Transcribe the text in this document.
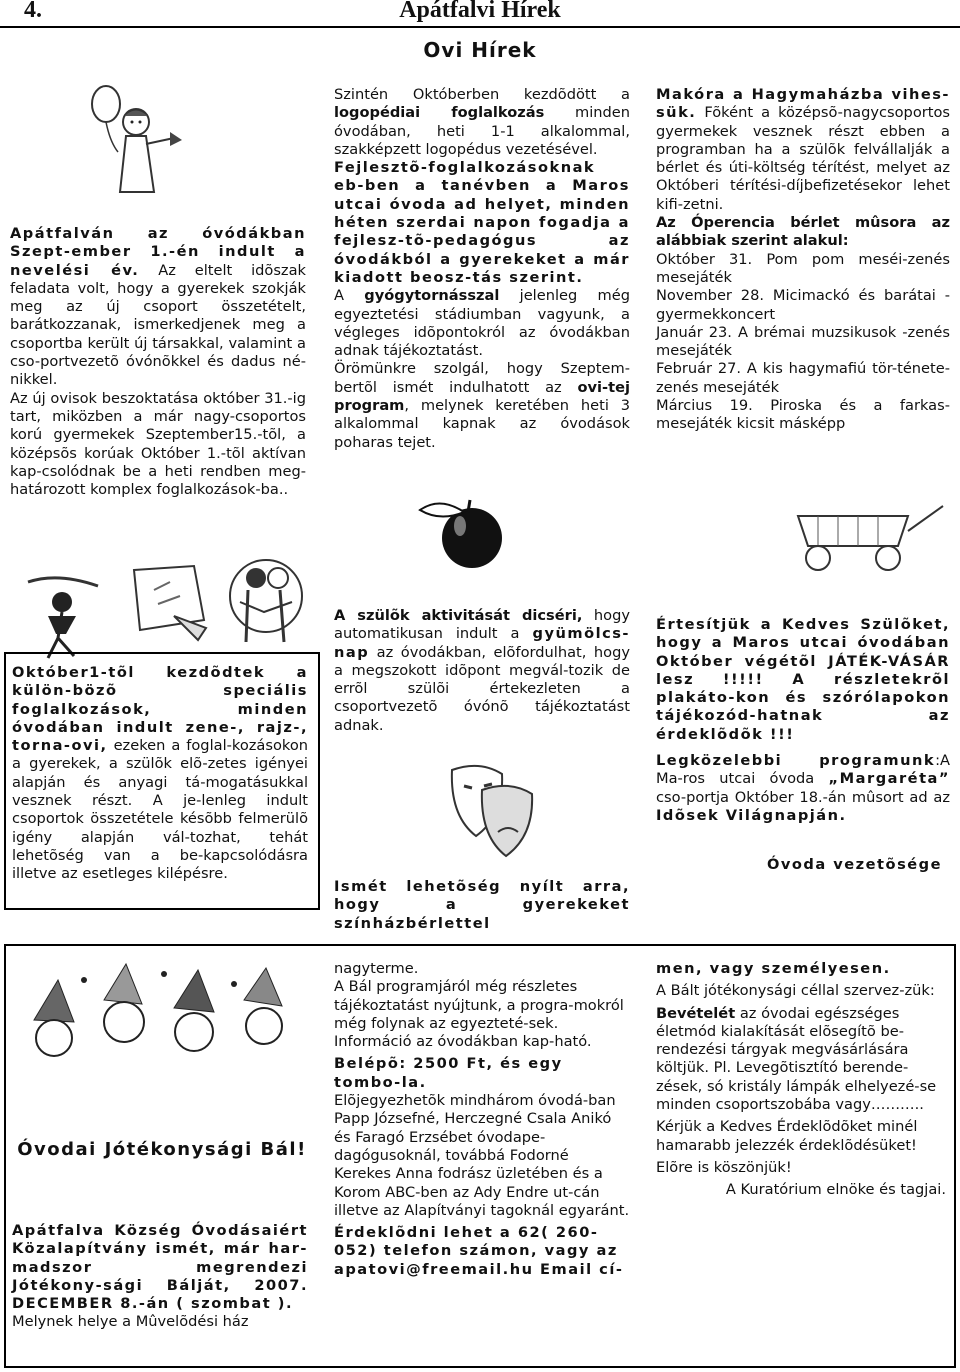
4.	Apátfalvi Hírek
Ovi Hírek

Apátfalván az óvódákban Szept-ember 1.-én indult a nevelési év. Az eltelt idõszak feladata volt, hogy a gyerekek szokják meg az új csoport összetételt, barátkozzanak, ismerkedjenek meg a csoportba került új társakkal, valamint a cso-portvezetõ óvónõkkel és dadus né-nikkel.

Az új ovisok beszoktatása október 31.-ig tart, miközben a már nagy-csoportos korú gyermekek Szeptember15.-tõl, a középsõs korúak Október 1.-tõl aktívan kap-csolódnak be a heti rendben meg-határozott komplex foglalkozások-ba..

Szintén Októberben kezdõdött a logopédiai foglalkozás minden óvodában, heti 1-1 alkalommal, szakképzett logopédus vezetésével.

Fejlesztõ-foglalkozásoknak eb-ben a tanévben a Maros utcai óvoda ad helyet, minden héten szerdai napon fogadja a fejlesz-tõ-pedagógus az óvodákból a gyerekeket a már kiadott beosz-tás szerint.

A gyógytornásszal jelenleg még egyeztetési stádiumban vagyunk, a végleges idõpontokról az óvodákban adnak tájékoztatást.

Örömünkre szolgál, hogy Szeptem-bertõl ismét indulhatott az ovi-tej program, melynek keretében heti 3 alkalommal kapnak az óvodások poharas tejet.

Makóra a Hagymaházba vihes-sük. Fõként a középsõ-nagycsoportos gyermekek vesznek részt ebben a programban ha a szülõk felvállalják a bérlet és úti-költség térítést, melyet az Októberi térítési-díjbefizetésekor lehet kifi-zetni.

Az Óperencia bérlet mûsora az alábbiak szerint alakul:

Október 31. Pom pom meséi-zenés mesejáték

November 28. Micimackó és barátai -gyermekkoncert

Január 23. A brémai muzsikusok -zenés mesejáték

Február 27. A kis hagymafiú tör-ténete-zenés mesejáték

Március 19. Piroska és a farkas-mesejáték kicsit másképp

Október1-tõl kezdõdtek a külön-bözõ speciális foglalkozások, minden óvodában indult zene-, rajz-, torna-ovi, ezeken a foglal-kozásokon a gyerekek, a szülõk elõ-zetes igényei alapján és anyagi tá-mogatásukkal vesznek részt. A je-lenleg indult csoportok összetétele késõbb felmerülõ igény alapján vál-tozhat, tehát lehetõség van a be-kapcsolódásra illetve az esetleges kilépésre.

A szülõk aktivitását dicséri, hogy automatikusan indult a gyümölcs-nap az óvodákban, elõfordulhat, hogy a megszokott idõpont megvál-tozik de errõl szülõi értekezleten a csoportvezetõ óvónõ tájékoztatást adnak.

Ismét lehetõség nyílt arra, hogy a gyerekeket színházbérlettel

Értesítjük a Kedves Szülõket, hogy a Maros utcai óvodában Október végétõl JÁTÉK-VÁSÁR lesz !!!!! A részletekrõl plakáto-kon és szórólapokon tájékozód-hatnak az érdeklõdõk !!!

Legközelebbi programunk:A Ma-ros utcai óvoda „Margaréta” cso-portja Október 18.-án mûsort ad az Idõsek Világnapján.

Óvoda vezetõsége
Óvodai Jótékonysági Bál!

Apátfalva Község Óvodásaiért Közalapítvány ismét, már har-madszor megrendezi Jótékony-sági Bálját, 2007. DECEMBER 8.-án ( szombat ).

Melynek helye a Mûvelõdési ház

nagyterme.

A Bál programjáról még részletes tájékoztatást nyújtunk, a progra-mokról még folynak az egyezteté-sek. Információ az óvodákban kap-ható.

Belépõ: 2500 Ft, és egy tombo-la.

Elõjegyezhetõk mindhárom óvodá-ban Papp Józsefné, Herczegné Csala Anikó és Faragó Erzsébet óvodape-dagógusoknál, továbbá Fodorné Kerekes Anna fodrász üzletében és a Korom ABC-ben az Ady Endre ut-cán illetve az Alapítványi tagoknál egyaránt.

Érdeklõdni lehet a 62( 260-052) telefon számon, vagy az apatovi@freemail.hu Email cí-

men, vagy személyesen.

A Bált jótékonysági céllal szervez-zük:

Bevételét az óvodai egészséges életmód kialakítását elõsegítõ be-rendezési tárgyak megvásárlására költjük. Pl. Levegõtisztító berende-zések, só kristály lámpák elhelyezé-se minden csoportszobába vagy………..

Kérjük a Kedves Érdeklõdõket minél hamarabb jelezzék érdeklõdésüket!

Elõre is köszönjük!

A Kuratórium elnöke és tagjai.
